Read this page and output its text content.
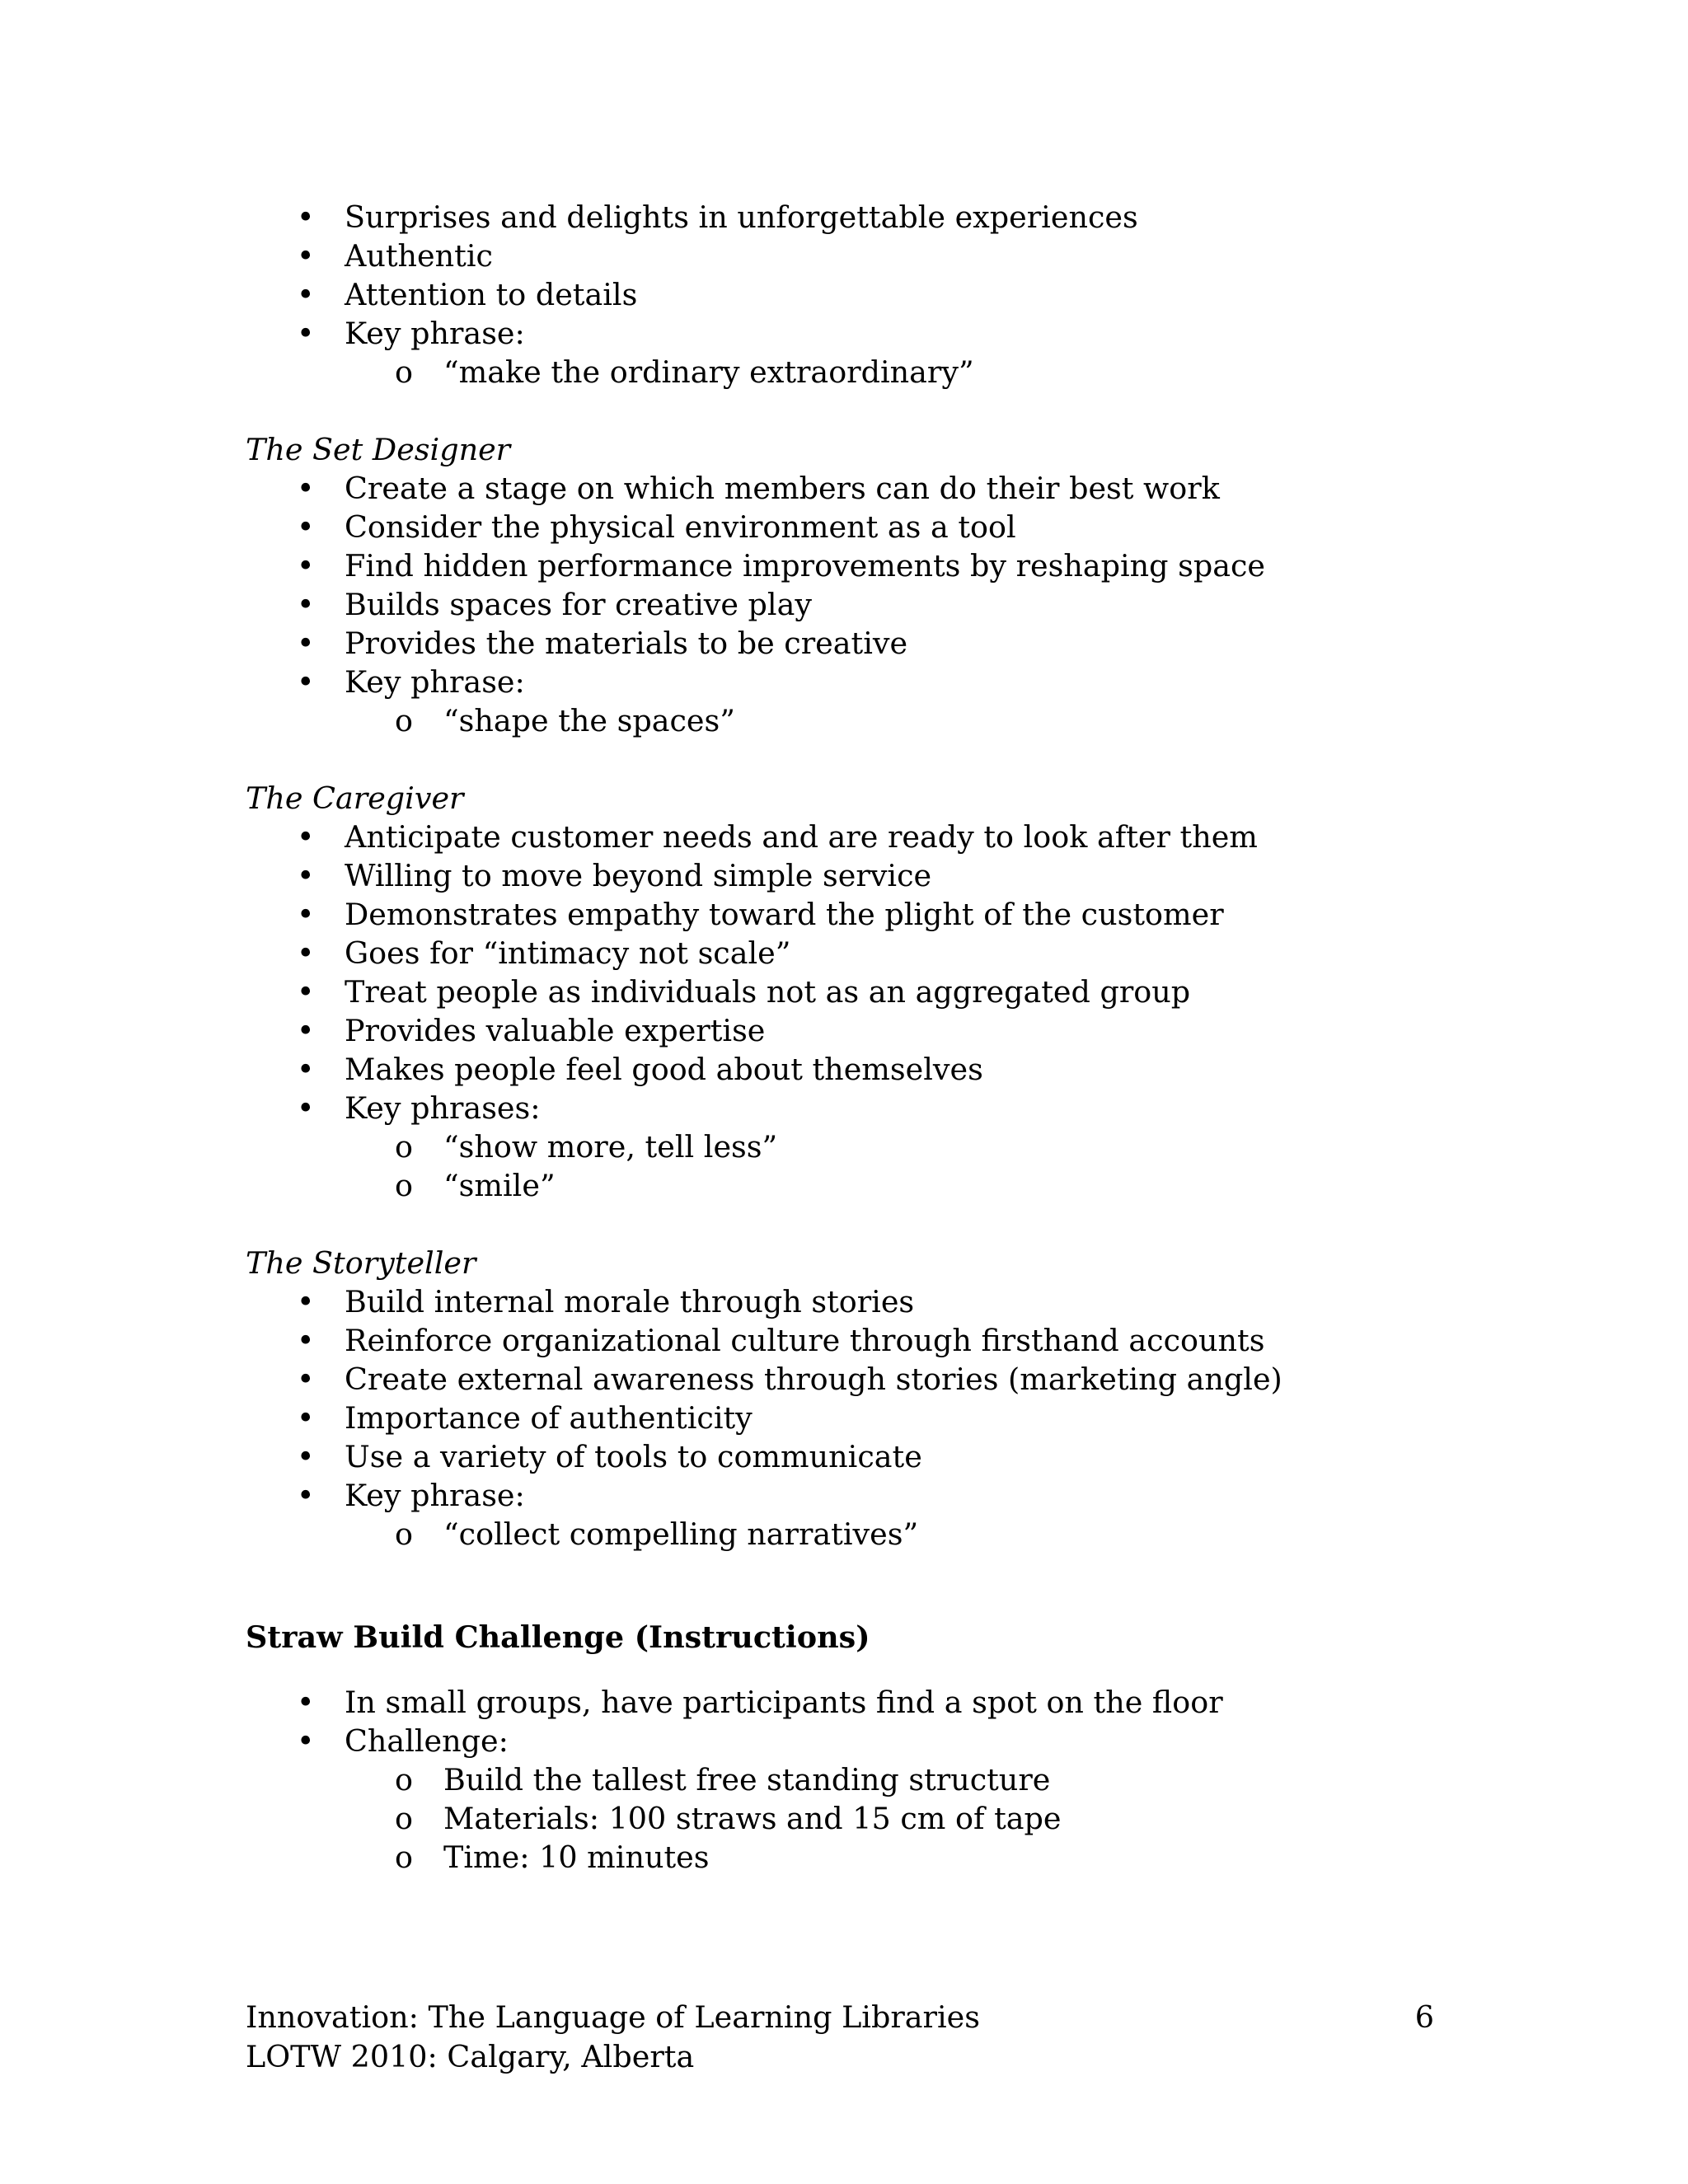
• Surprises and delights in unforgettable experiences
• Authentic
• Attention to details
• Key phrase:
o “make the ordinary extraordinary”
The Set Designer
• Create a stage on which members can do their best work
• Consider the physical environment as a tool
• Find hidden performance improvements by reshaping space
• Builds spaces for creative play
• Provides the materials to be creative
• Key phrase:
o “shape the spaces”
The Caregiver
• Anticipate customer needs and are ready to look after them
• Willing to move beyond simple service
• Demonstrates empathy toward the plight of the customer
• Goes for “intimacy not scale”
• Treat people as individuals not as an aggregated group
• Provides valuable expertise
• Makes people feel good about themselves
• Key phrases:
o “show more, tell less”
o “smile”
The Storyteller
• Build internal morale through stories
• Reinforce organizational culture through firsthand accounts
• Create external awareness through stories (marketing angle)
• Importance of authenticity
• Use a variety of tools to communicate
• Key phrase:
o “collect compelling narratives”
Straw Build Challenge (Instructions)
• In small groups, have participants find a spot on the floor
• Challenge:
o Build the tallest free standing structure
o Materials: 100 straws and 15 cm of tape
o Time: 10 minutes
Innovation: The Language of Learning Libraries	6
LOTW 2010: Calgary, Alberta
